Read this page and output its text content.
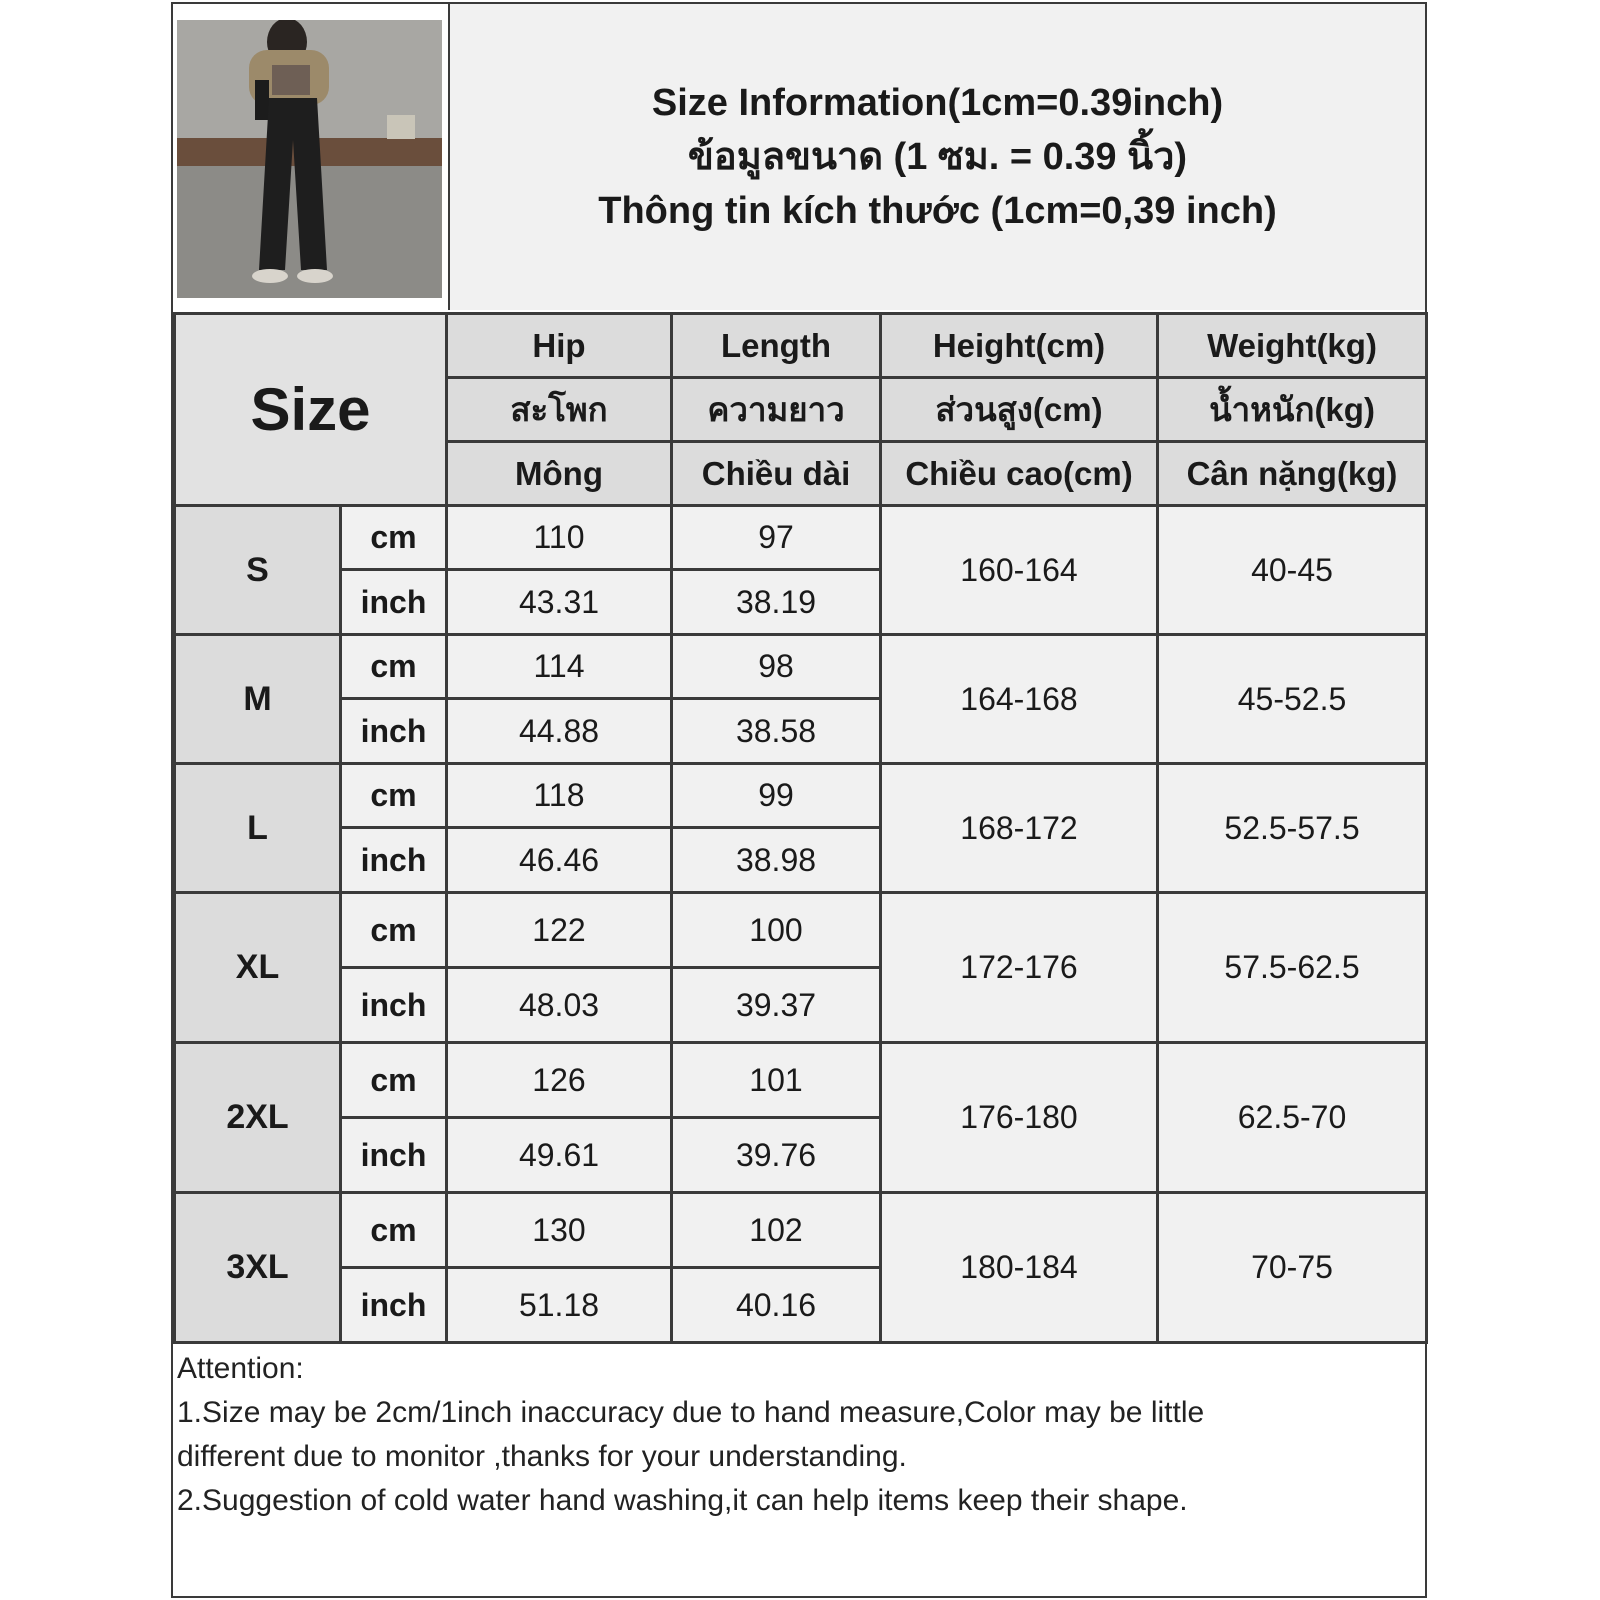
Size Information(1cm=0.39inch)
ข้อมูลขนาด (1 ซม. = 0.39 นิ้ว)
Thông tin kích thước (1cm=0,39 inch)
Size		Hip	Length	Height(cm)	Weight(kg)
		สะโพก	ความยาว	ส่วนสูง(cm)	น้ำหนัก(kg)
		Mông	Chiều dài	Chiều cao(cm)	Cân nặng(kg)
S	cm	110	97	160-164	40-45
	inch	43.31	38.19		
M	cm	114	98	164-168	45-52.5
	inch	44.88	38.58		
L	cm	118	99	168-172	52.5-57.5
	inch	46.46	38.98		
XL	cm	122	100	172-176	57.5-62.5
	inch	48.03	39.37		
2XL	cm	126	101	176-180	62.5-70
	inch	49.61	39.76		
3XL	cm	130	102	180-184	70-75
	inch	51.18	40.16		
Attention:
1.Size may be 2cm/1inch inaccuracy due to hand measure,Color may be little
different due to monitor ,thanks for your understanding.
2.Suggestion of cold water hand washing,it can help items keep their shape.
